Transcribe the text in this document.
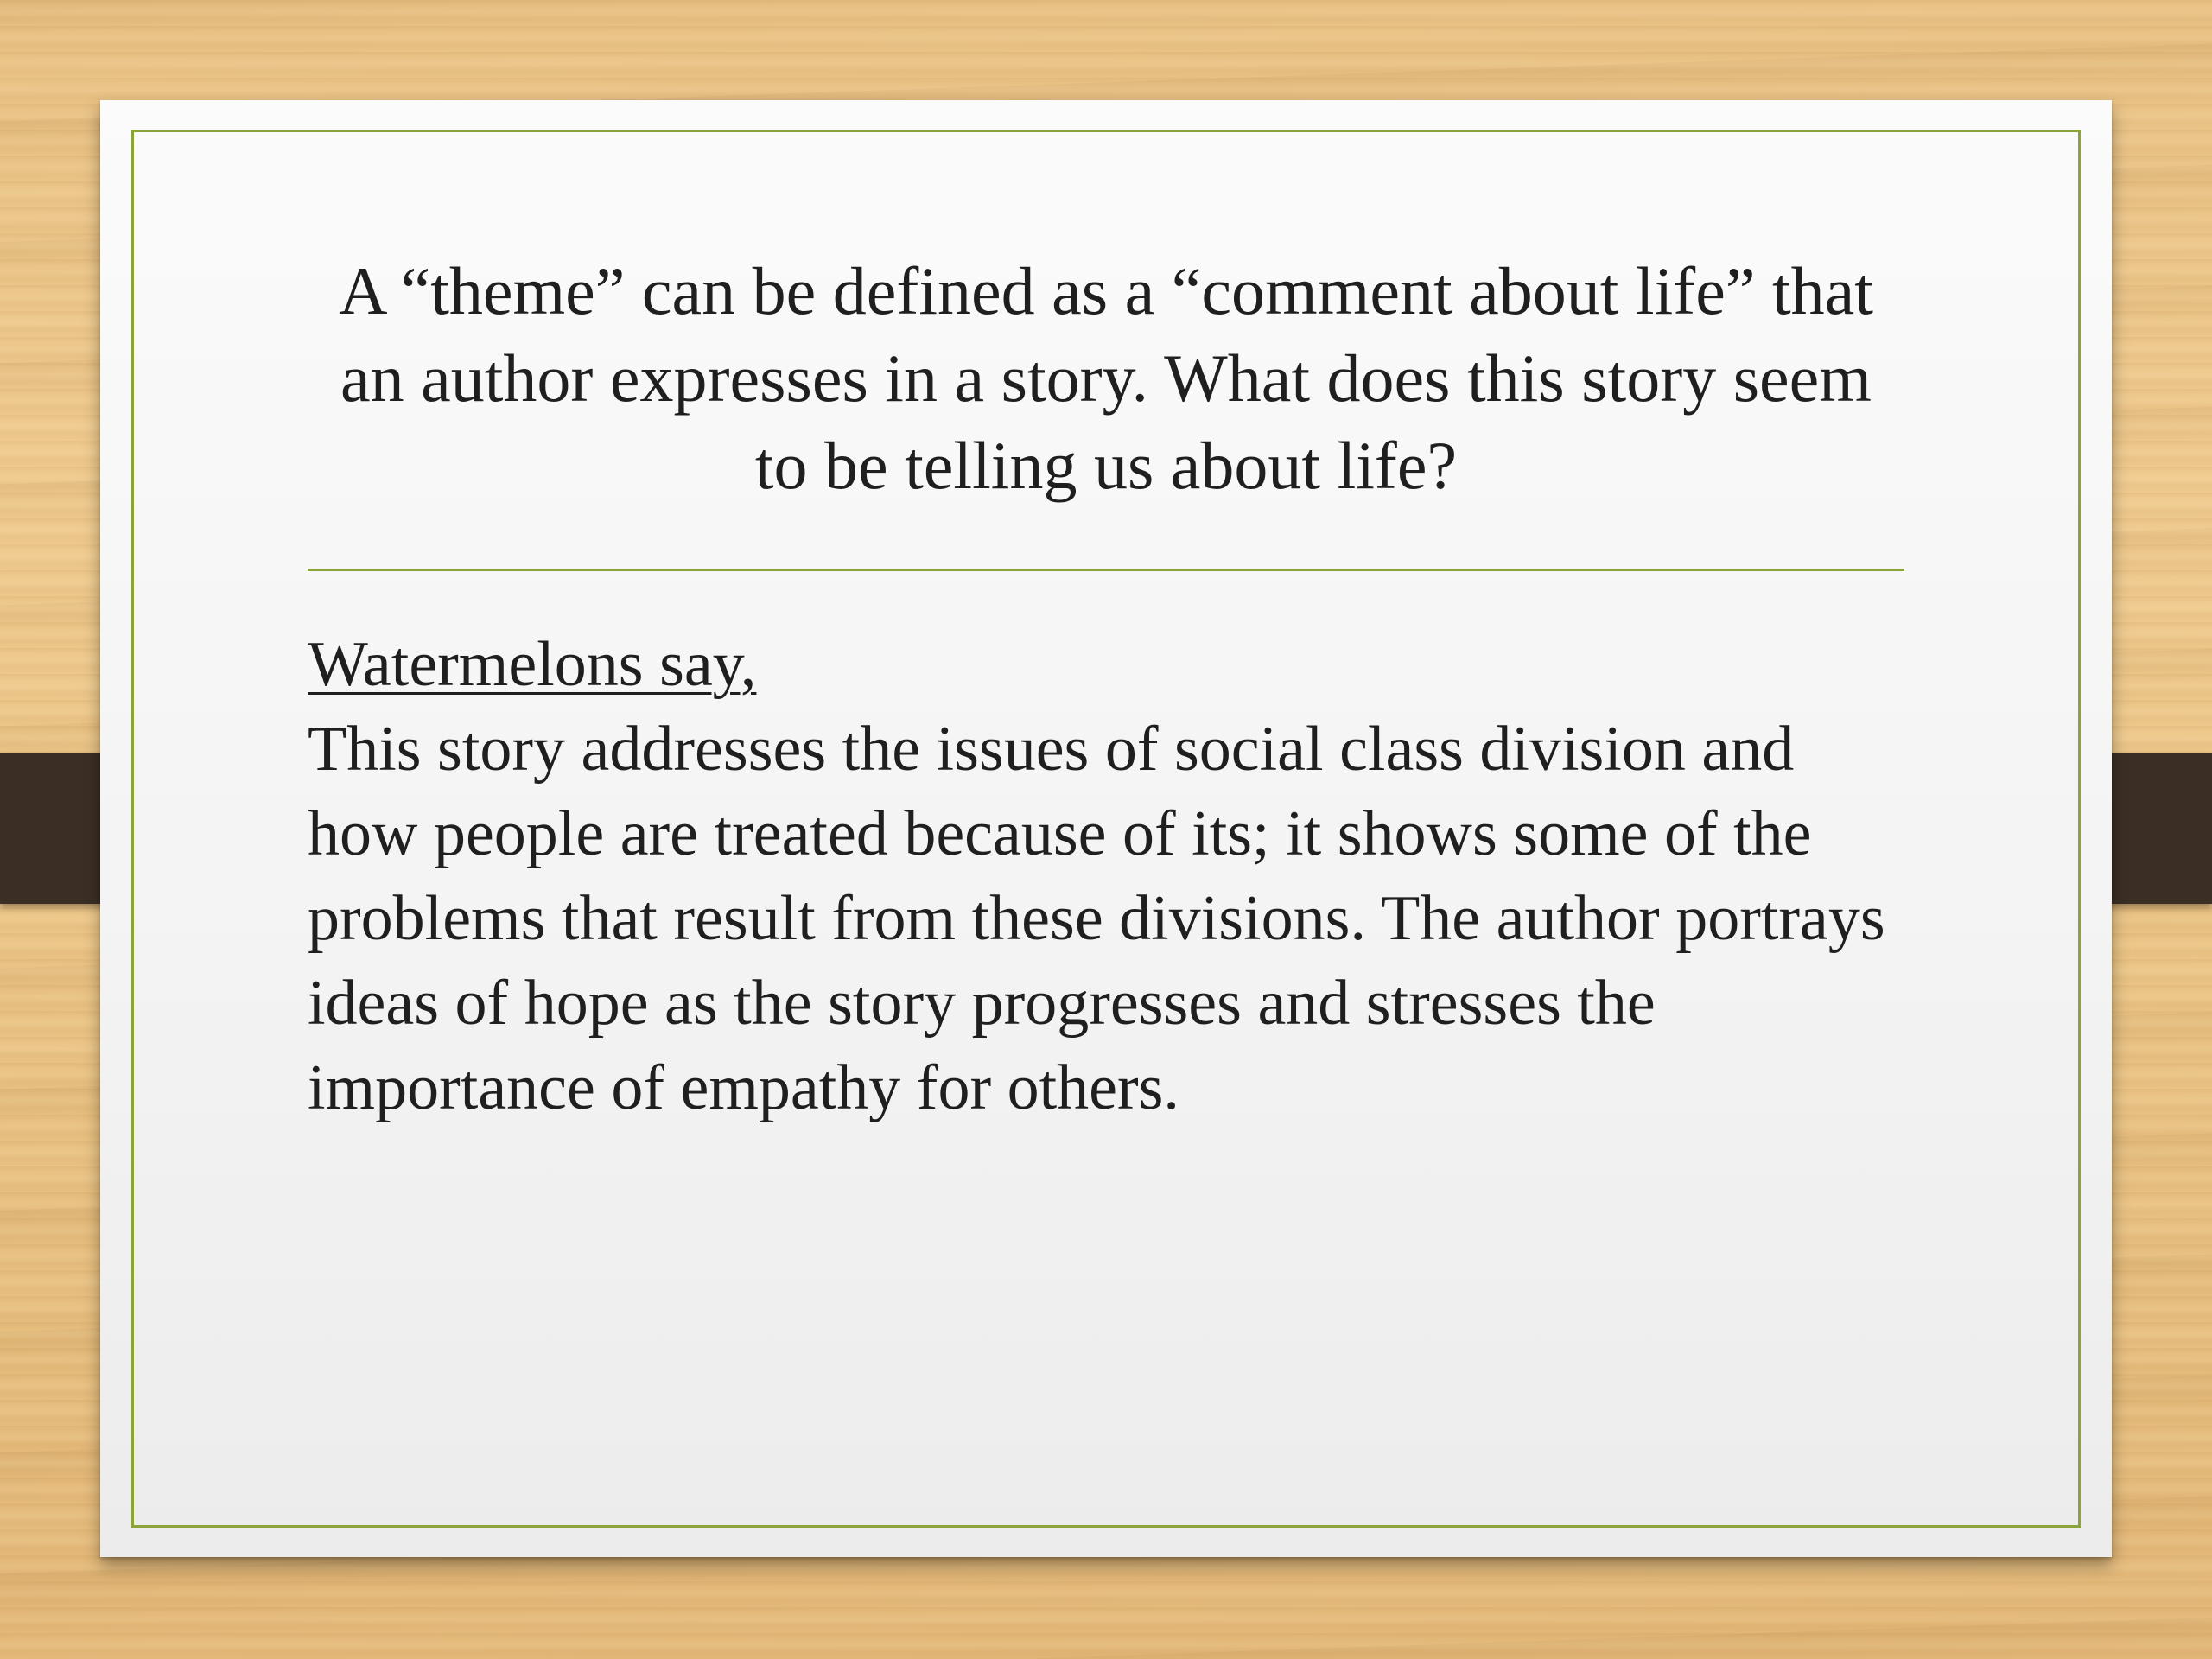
A “theme” can be defined as a “comment about life” that an author expresses in a story. What does this story seem to be telling us about life?
Watermelons say,
This story addresses the issues of social class division and how people are treated because of its; it shows some of the problems that result from these divisions. The author portrays ideas of hope as the story progresses and stresses the importance of empathy for others.
